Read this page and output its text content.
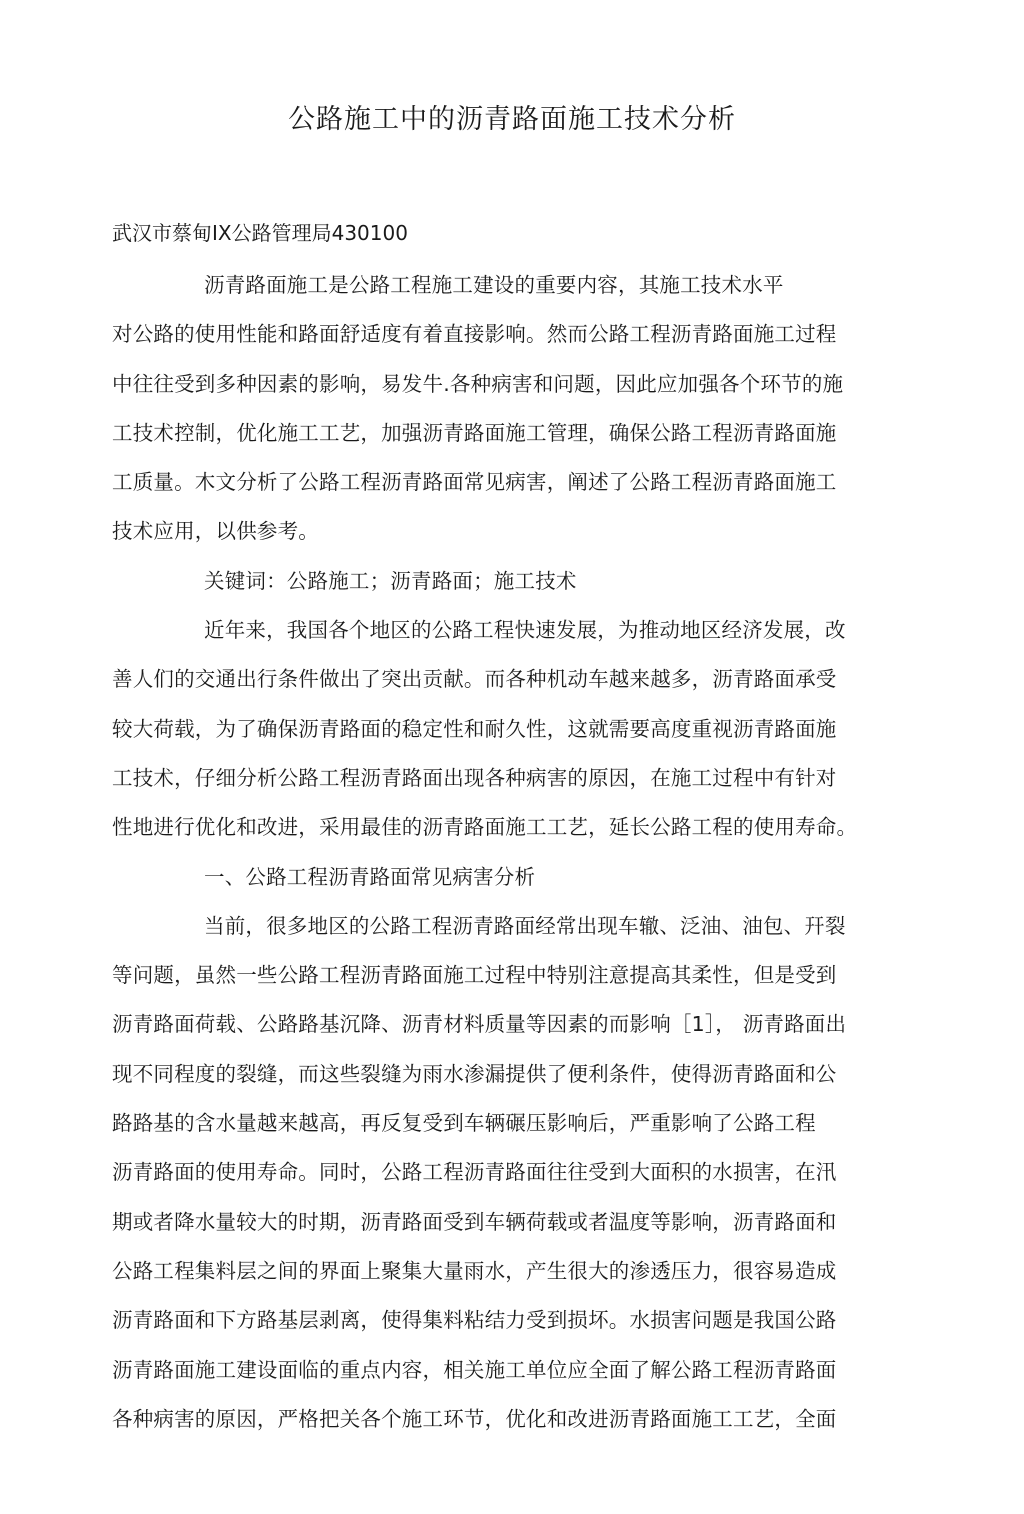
公路施工中的沥青路面施工技术分析

武汉市蔡甸IX公路管理局430100

沥青路面施工是公路工程施工建设的重要内容，其施工技术水平
对公路的使用性能和路面舒适度有着直接影响。然而公路工程沥青路面施工过程
中往往受到多种因素的影响，易发牛.各种病害和问题，因此应加强各个环节的施
工技术控制，优化施工工艺，加强沥青路面施工管理，确保公路工程沥青路面施
工质量。木文分析了公路工程沥青路面常见病害，阐述了公路工程沥青路面施工
技术应用，以供参考。
关键词：公路施工；沥青路面；施工技术
近年来，我国各个地区的公路工程快速发展，为推动地区经济发展，改
善人们的交通出行条件做出了突出贡献。而各种机动车越来越多，沥青路面承受
较大荷载，为了确保沥青路面的稳定性和耐久性，这就需要高度重视沥青路面施
工技术，仔细分析公路工程沥青路面出现各种病害的原因，在施工过程中有针对
性地进行优化和改进，采用最佳的沥青路面施工工艺，延长公路工程的使用寿命。
一、公路工程沥青路面常见病害分析
当前，很多地区的公路工程沥青路面经常出现车辙、泛油、油包、幵裂
等问题，虽然一些公路工程沥青路面施工过程中特别注意提高其柔性，但是受到
沥青路面荷载、公路路基沉降、沥青材料质量等因素的而影响［1］， 沥青路面出
现不同程度的裂缝，而这些裂缝为雨水渗漏提供了便利条件，使得沥青路面和公
路路基的含水量越来越高，再反复受到车辆碾压影响后，严重影响了公路工程
沥青路面的使用寿命。同时，公路工程沥青路面往往受到大面积的水损害，在汛
期或者降水量较大的时期，沥青路面受到车辆荷载或者温度等影响，沥青路面和
公路工程集料层之间的界面上聚集大量雨水，产生很大的渗透压力，很容易造成
沥青路面和下方路基层剥离，使得集料粘结力受到损坏。水损害问题是我国公路
沥青路面施工建设面临的重点内容，相关施工单位应全面了解公路工程沥青路面
各种病害的原因，严格把关各个施工环节，优化和改进沥青路面施工工艺，全面
